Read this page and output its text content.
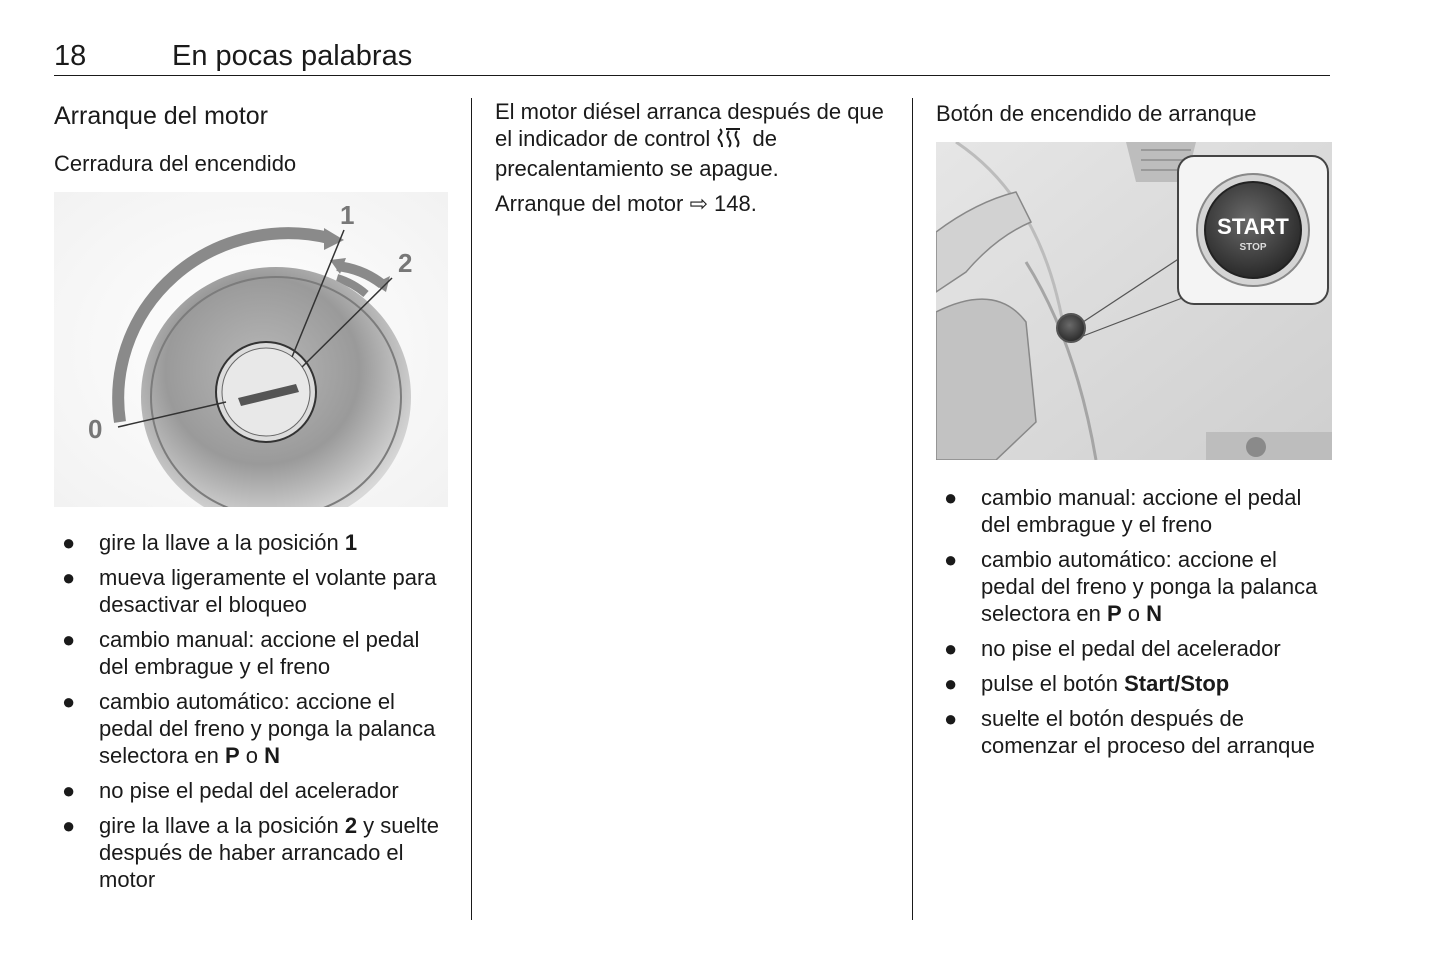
18	En pocas palabras
Arranque del motor
Cerradura del encendido
0
1
2
● gire la llave a la posición 1
● mueva ligeramente el volante para desactivar el bloqueo
● cambio manual: accione el pedal del embrague y el freno
● cambio automático: accione el pedal del freno y ponga la palanca selectora en P o N
● no pise el pedal del acelerador
● gire la llave a la posición 2 y suelte después de haber arrancado el motor

El motor diésel arranca después de que el indicador de control de precalentamiento se apague.

Arranque del motor ⇨ 148.

Botón de encendido de arranque
START
STOP
● cambio manual: accione el pedal del embrague y el freno
● cambio automático: accione el pedal del freno y ponga la palanca selectora en P o N
● no pise el pedal del acelerador
● pulse el botón Start/Stop
● suelte el botón después de comenzar el proceso del arranque
